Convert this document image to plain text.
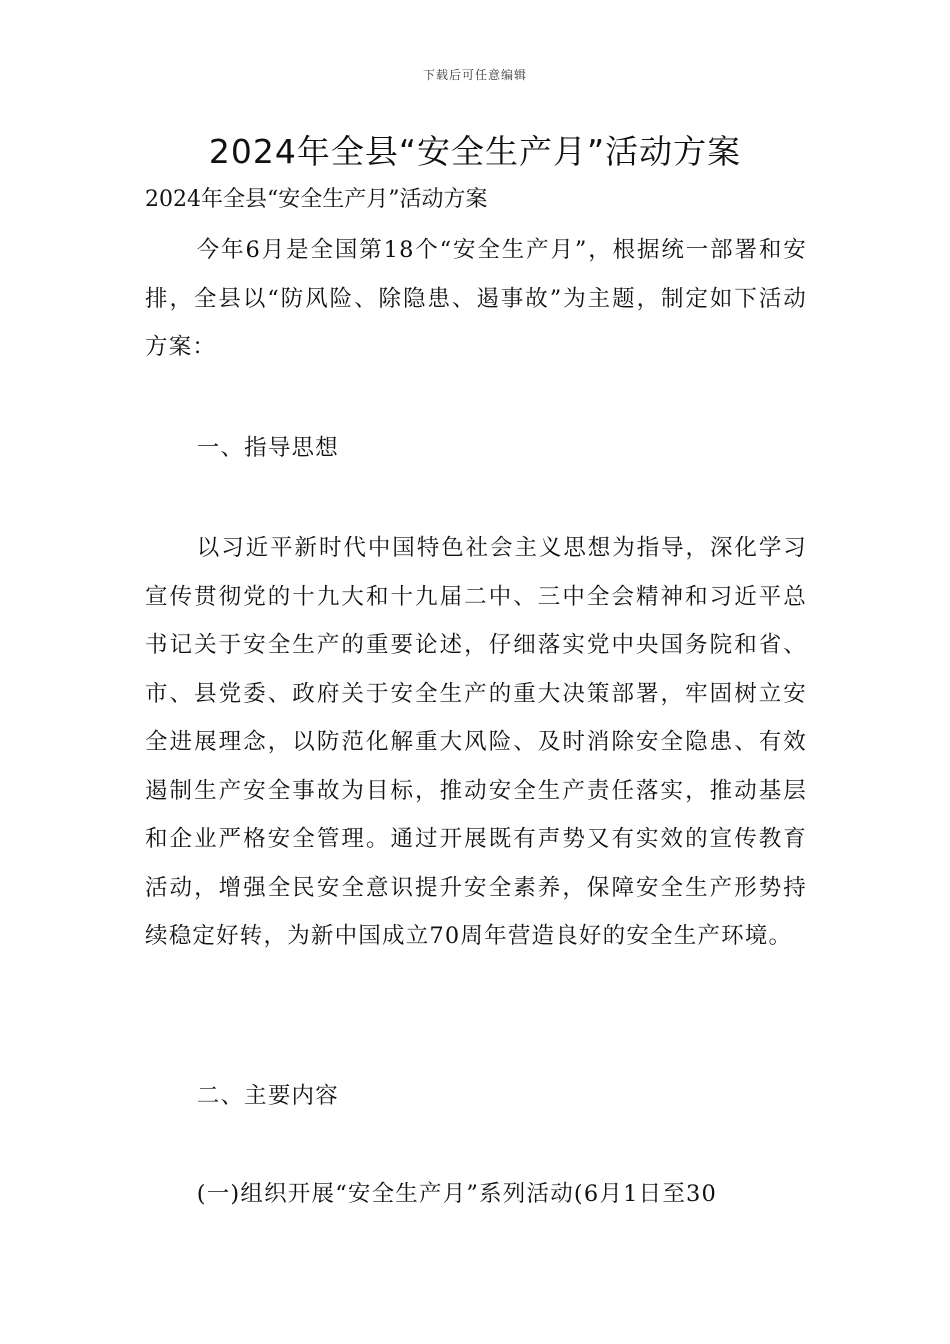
下载后可任意编辑
2024年全县“安全生产月”活动方案
2024年全县“安全生产月”活动方案

今年6月是全国第18个“安全生产月”，根据统一部署和安排，全县以“防风险、除隐患、遏事故”为主题，制定如下活动方案：

一、指导思想

以习近平新时代中国特色社会主义思想为指导，深化学习宣传贯彻党的十九大和十九届二中、三中全会精神和习近平总书记关于安全生产的重要论述，仔细落实党中央国务院和省、市、县党委、政府关于安全生产的重大决策部署，牢固树立安全进展理念，以防范化解重大风险、及时消除安全隐患、有效遏制生产安全事故为目标，推动安全生产责任落实，推动基层和企业严格安全管理。通过开展既有声势又有实效的宣传教育活动，增强全民安全意识提升安全素养，保障安全生产形势持续稳定好转，为新中国成立70周年营造良好的安全生产环境。

二、主要内容

(一)组织开展“安全生产月”系列活动(6月1日至30
